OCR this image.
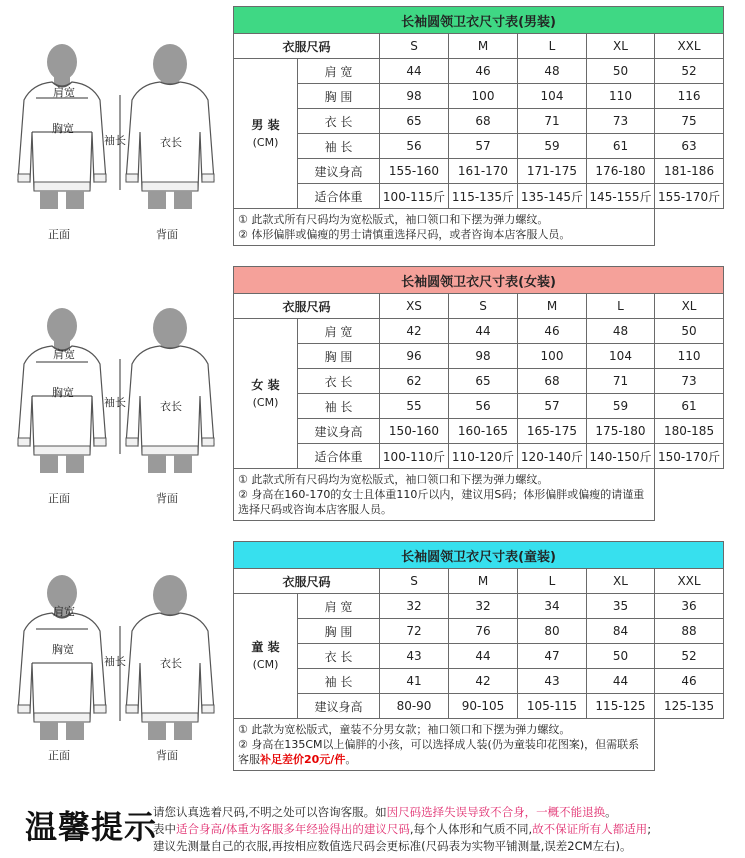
肩宽
胸宽
袖长	衣长
正面	背面
长袖圆领卫衣尺寸表(男装)						
衣服尺码		S	M	L	XL	XXL

男 装
(CM)	肩 宽	44	46	48	50	52
	胸 围	98	100	104	110	116
	衣 长	65	68	71	73	75
	袖 长	56	57	59	61	63
	建议身高	155-160	161-170	171-175	176-180	181-186
	适合体重	100-115斤	115-135斤	135-145斤	145-155斤	155-170斤

① 此款式所有尺码均为宽松版式，袖口领口和下摆为弹力螺纹。
② 体形偏胖或偏瘦的男士请慎重选择尺码，或者咨询本店客服人员。						
肩宽
胸宽
袖长	衣长
正面	背面
长袖圆领卫衣尺寸表(女装)						
衣服尺码		XS	S	M	L	XL

女 装
(CM)	肩 宽	42	44	46	48	50
	胸 围	96	98	100	104	110
	衣 长	62	65	68	71	73
	袖 长	55	56	57	59	61
	建议身高	150-160	160-165	165-175	175-180	180-185
	适合体重	100-110斤	110-120斤	120-140斤	140-150斤	150-170斤

① 此款式所有尺码均为宽松版式，袖口领口和下摆为弹力螺纹。
② 身高在160-170的女士且体重110斤以内，建议用S码；体形偏胖或偏瘦的请谨重选择尺码或咨询本店客服人员。						
肩宽
胸宽
袖长	衣长
正面	背面
长袖圆领卫衣尺寸表(童装)						
衣服尺码		S	M	L	XL	XXL

童 装
(CM)	肩 宽	32	32	34	35	36
	胸 围	72	76	80	84	88
	衣 长	43	44	47	50	52
	袖 长	41	42	43	44	46
	建议身高	80-90	90-105	105-115	115-125	125-135

① 此款为宽松版式，童装不分男女款；袖口领口和下摆为弹力螺纹。
② 身高在135CM以上偏胖的小孩，可以选择成人装(仍为童装印花图案)，但需联系客服补足差价20元/件。						
温馨提示
请您认真选着尺码,不明之处可以咨询客服。如因尺码选择失误导致不合身，一概不能退换。
表中适合身高/体重为客服多年经验得出的建议尺码,每个人体形和气质不同,故不保证所有人都适用;
建议先测量自己的衣服,再按相应数值选尺码会更标准(尺码表为实物平铺测量,误差2CM左右)。
